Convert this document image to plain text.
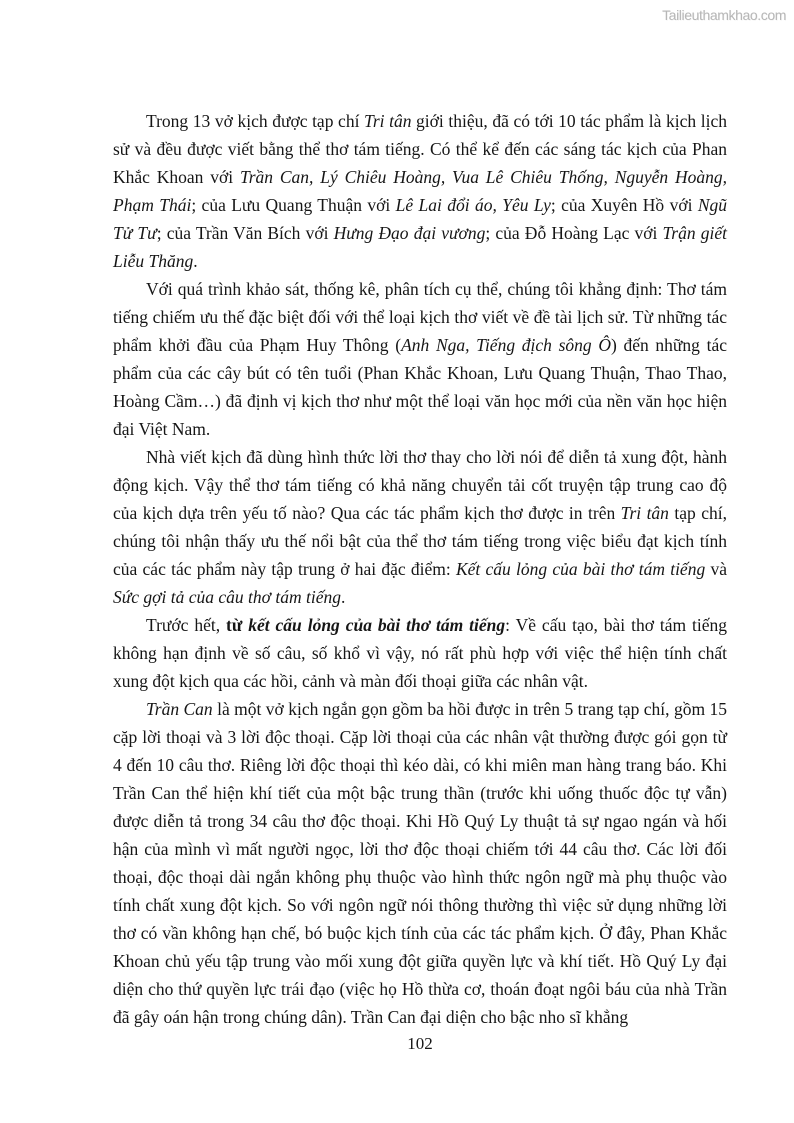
Tailieuthamkhao.com

Trong 13 vở kịch được tạp chí Tri tân giới thiệu, đã có tới 10 tác phẩm là kịch lịch sử và đều được viết bằng thể thơ tám tiếng. Có thể kể đến các sáng tác kịch của Phan Khắc Khoan với Trần Can, Lý Chiêu Hoàng, Vua Lê Chiêu Thống, Nguyễn Hoàng, Phạm Thái; của Lưu Quang Thuận với Lê Lai đổi áo, Yêu Ly; của Xuyên Hồ với Ngũ Tử Tư; của Trần Văn Bích với Hưng Đạo đại vương; của Đỗ Hoàng Lạc với Trận giết Liễu Thăng.

Với quá trình khảo sát, thống kê, phân tích cụ thể, chúng tôi khẳng định: Thơ tám tiếng chiếm ưu thế đặc biệt đối với thể loại kịch thơ viết về đề tài lịch sử. Từ những tác phẩm khởi đầu của Phạm Huy Thông (Anh Nga, Tiếng địch sông Ô) đến những tác phẩm của các cây bút có tên tuổi (Phan Khắc Khoan, Lưu Quang Thuận, Thao Thao, Hoàng Cầm…) đã định vị kịch thơ như một thể loại văn học mới của nền văn học hiện đại Việt Nam.

Nhà viết kịch đã dùng hình thức lời thơ thay cho lời nói để diễn tả xung đột, hành động kịch. Vậy thể thơ tám tiếng có khả năng chuyển tải cốt truyện tập trung cao độ của kịch dựa trên yếu tố nào? Qua các tác phẩm kịch thơ được in trên Tri tân tạp chí, chúng tôi nhận thấy ưu thế nổi bật của thể thơ tám tiếng trong việc biểu đạt kịch tính của các tác phẩm này tập trung ở hai đặc điểm: Kết cấu lỏng của bài thơ tám tiếng và Sức gợi tả của câu thơ tám tiếng.

Trước hết, từ kết cấu lỏng của bài thơ tám tiếng: Về cấu tạo, bài thơ tám tiếng không hạn định về số câu, số khổ vì vậy, nó rất phù hợp với việc thể hiện tính chất xung đột kịch qua các hồi, cảnh và màn đối thoại giữa các nhân vật.

Trần Can là một vở kịch ngắn gọn gồm ba hồi được in trên 5 trang tạp chí, gồm 15 cặp lời thoại và 3 lời độc thoại. Cặp lời thoại của các nhân vật thường được gói gọn từ 4 đến 10 câu thơ. Riêng lời độc thoại thì kéo dài, có khi miên man hàng trang báo. Khi Trần Can thể hiện khí tiết của một bậc trung thần (trước khi uống thuốc độc tự vẫn) được diễn tả trong 34 câu thơ độc thoại. Khi Hồ Quý Ly thuật tả sự ngao ngán và hối hận của mình vì mất người ngọc, lời thơ độc thoại chiếm tới 44 câu thơ. Các lời đối thoại, độc thoại dài ngắn không phụ thuộc vào hình thức ngôn ngữ mà phụ thuộc vào tính chất xung đột kịch. So với ngôn ngữ nói thông thường thì việc sử dụng những lời thơ có vần không hạn chế, bó buộc kịch tính của các tác phẩm kịch. Ở đây, Phan Khắc Khoan chủ yếu tập trung vào mối xung đột giữa quyền lực và khí tiết. Hồ Quý Ly đại diện cho thứ quyền lực trái đạo (việc họ Hồ thừa cơ, thoán đoạt ngôi báu của nhà Trần đã gây oán hận trong chúng dân). Trần Can đại diện cho bậc nho sĩ khẳng

102
